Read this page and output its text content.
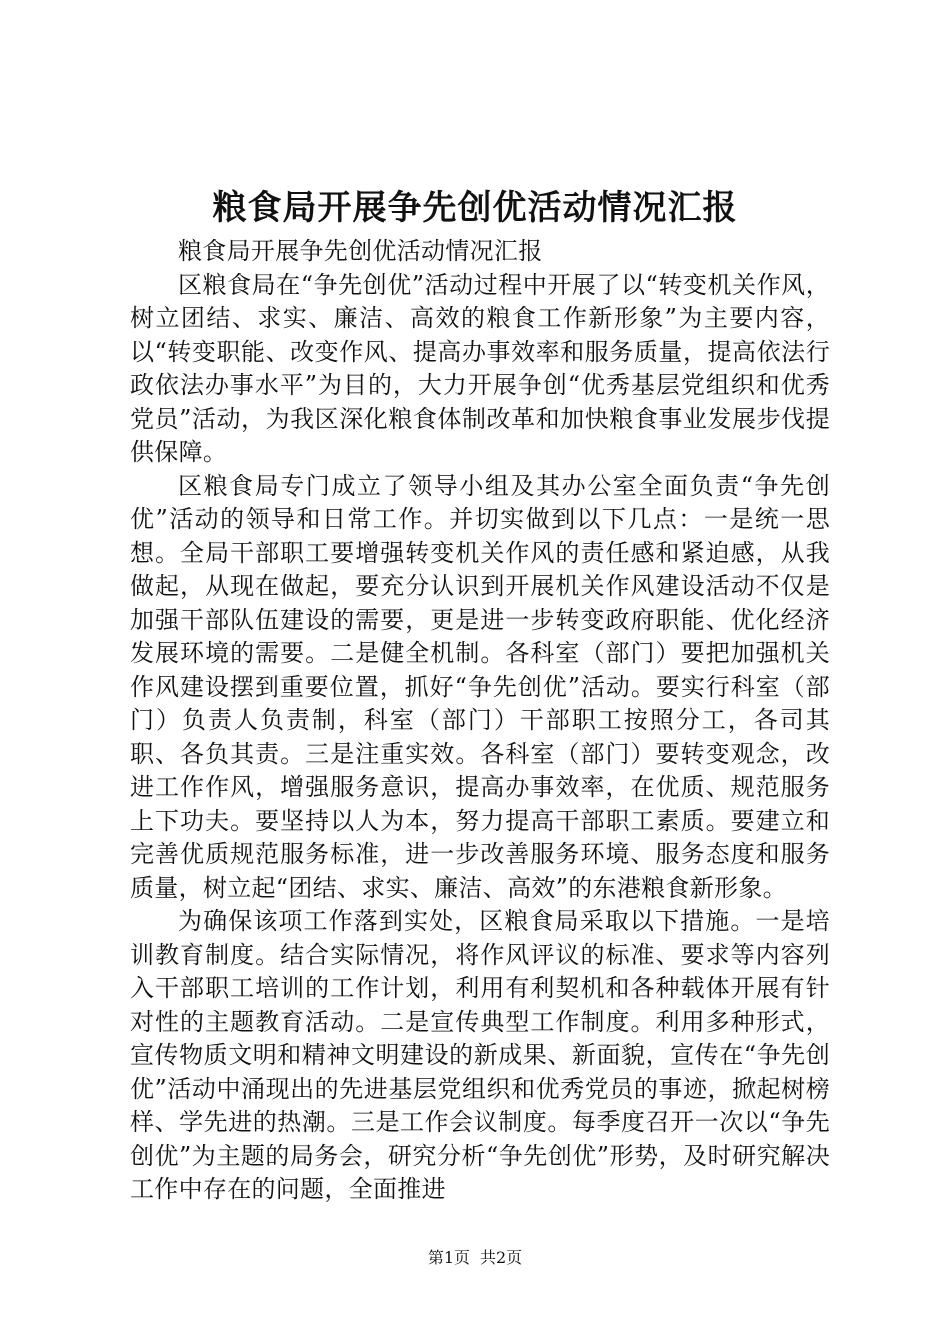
粮食局开展争先创优活动情况汇报

粮食局开展争先创优活动情况汇报

区粮食局在“争先创优”活动过程中开展了以“转变机关作风，树立团结、求实、廉洁、高效的粮食工作新形象”为主要内容，以“转变职能、改变作风、提高办事效率和服务质量，提高依法行政依法办事水平”为目的，大力开展争创“优秀基层党组织和优秀党员”活动，为我区深化粮食体制改革和加快粮食事业发展步伐提供保障。

区粮食局专门成立了领导小组及其办公室全面负责“争先创优”活动的领导和日常工作。并切实做到以下几点：一是统一思想。全局干部职工要增强转变机关作风的责任感和紧迫感，从我做起，从现在做起，要充分认识到开展机关作风建设活动不仅是加强干部队伍建设的需要，更是进一步转变政府职能、优化经济发展环境的需要。二是健全机制。各科室（部门）要把加强机关作风建设摆到重要位置，抓好“争先创优”活动。要实行科室（部门）负责人负责制，科室（部门）干部职工按照分工，各司其职、各负其责。三是注重实效。各科室（部门）要转变观念，改进工作作风，增强服务意识，提高办事效率，在优质、规范服务上下功夫。要坚持以人为本，努力提高干部职工素质。要建立和完善优质规范服务标准，进一步改善服务环境、服务态度和服务质量，树立起“团结、求实、廉洁、高效”的东港粮食新形象。

为确保该项工作落到实处，区粮食局采取以下措施。一是培训教育制度。结合实际情况，将作风评议的标准、要求等内容列入干部职工培训的工作计划，利用有利契机和各种载体开展有针对性的主题教育活动。二是宣传典型工作制度。利用多种形式，宣传物质文明和精神文明建设的新成果、新面貌，宣传在“争先创优”活动中涌现出的先进基层党组织和优秀党员的事迹，掀起树榜样、学先进的热潮。三是工作会议制度。每季度召开一次以“争先创优”为主题的局务会，研究分析“争先创优”形势，及时研究解决工作中存在的问题，全面推进

第1页 共2页
